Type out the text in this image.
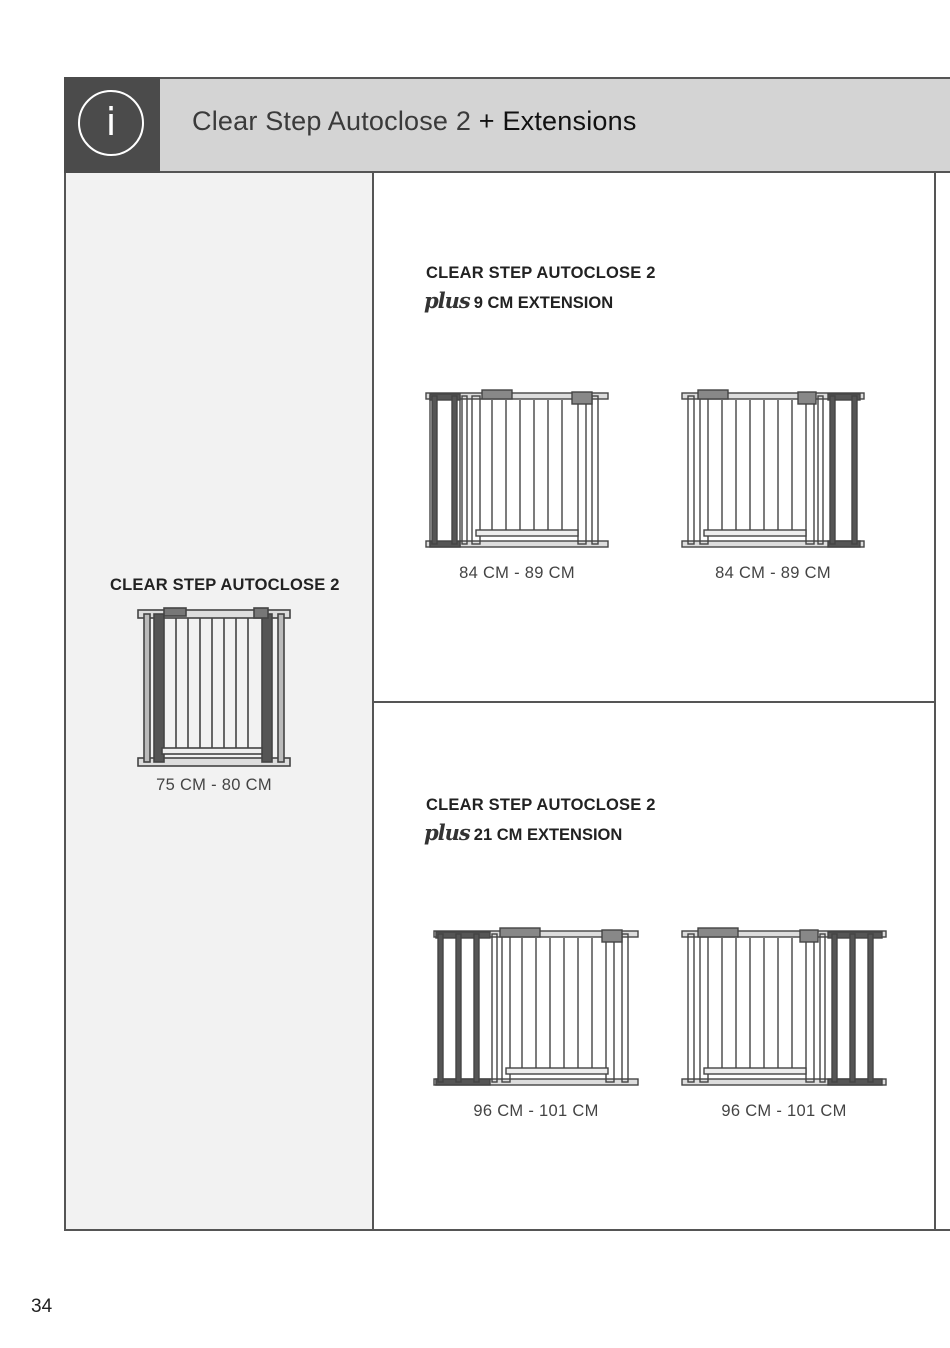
i	Clear Step Autoclose 2 + Extensions
CLEAR STEP AUTOCLOSE 2
75 CM - 80 CM
CLEAR STEP AUTOCLOSE 2
plus 9 CM EXTENSION
84 CM - 89 CM	84 CM - 89 CM
CLEAR STEP AUTOCLOSE 2
plus 21 CM EXTENSION
96 CM - 101 CM	96 CM - 101 CM
34
